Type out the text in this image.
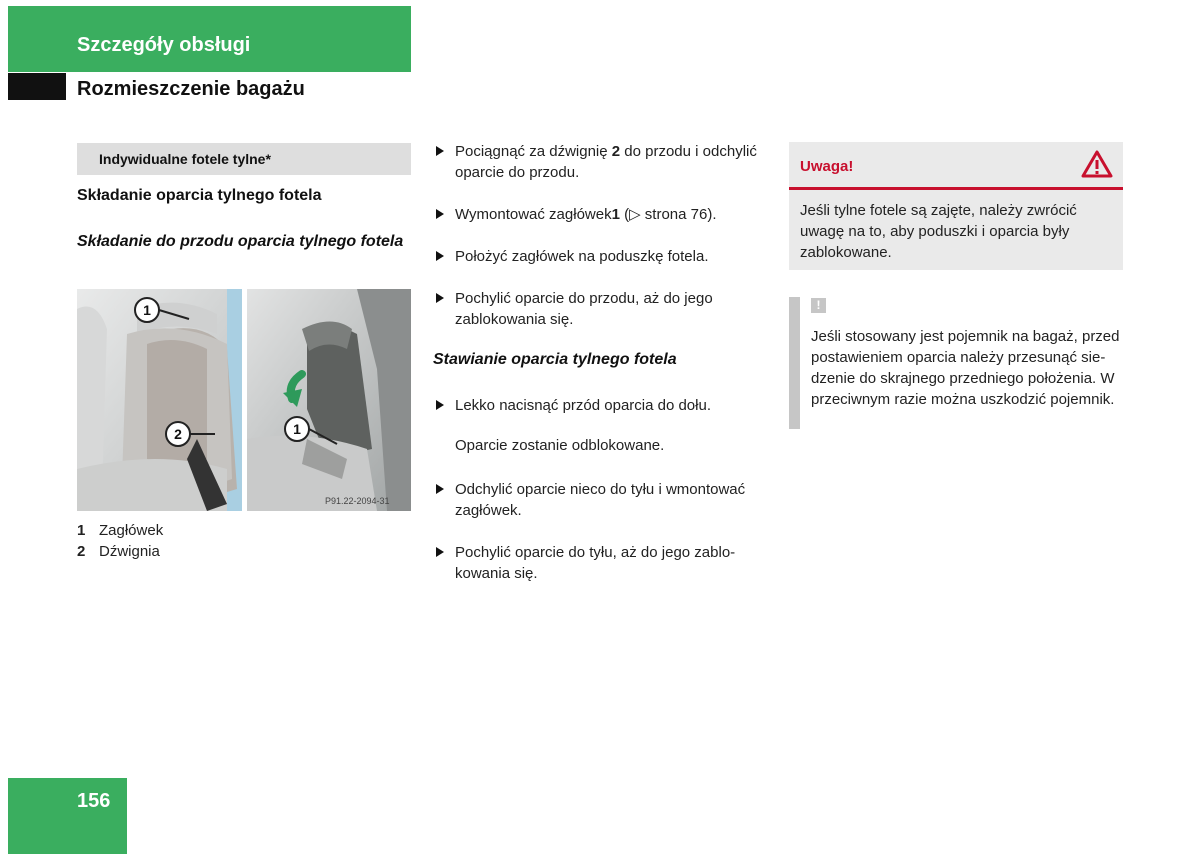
Szczegóły obsługi
Rozmieszczenie bagażu
Indywidualne fotele tylne*
Składanie oparcia tylnego fotela
Składanie do przodu oparcia tylnego fotela
1
2	1
P91.22-2094-31
1 Zagłówek
2 Dźwignia
Pociągnąć za dźwignię 2 do przodu i odchylić oparcie do przodu.
Wymontować zagłówek1 (▷ strona 76).
Położyć zagłówek na poduszkę fotela.
Pochylić oparcie do przodu, aż do jego zablokowania się.
Stawianie oparcia tylnego fotela
Lekko nacisnąć przód oparcia do dołu.
Oparcie zostanie odblokowane.
Odchylić oparcie nieco do tyłu i wmontować zagłówek.
Pochylić oparcie do tyłu, aż do jego zablo-kowania się.
Uwaga!
Jeśli tylne fotele są zajęte, należy zwrócić uwagę na to, aby poduszki i oparcia były zablokowane.
!
Jeśli stosowany jest pojemnik na bagaż, przed postawieniem oparcia należy przesunąć sie-dzenie do skrajnego przedniego położenia. W przeciwnym razie można uszkodzić pojemnik.
156
